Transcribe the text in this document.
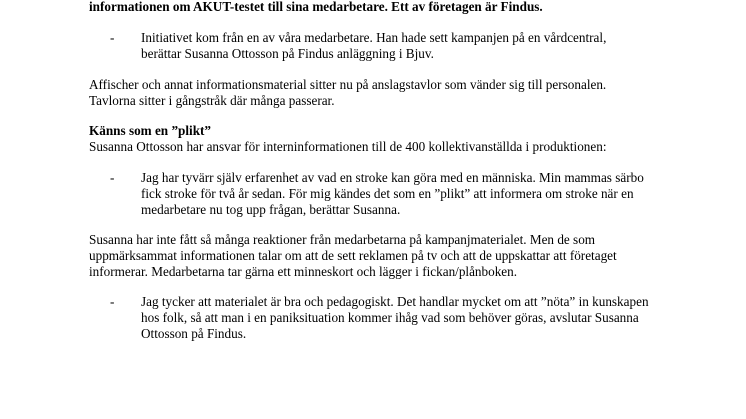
informationen om AKUT-testet till sina medarbetare. Ett av företagen är Findus.

- Initiativet kom från en av våra medarbetare. Han hade sett kampanjen på en vårdcentral, berättar Susanna Ottosson på Findus anläggning i Bjuv.

Affischer och annat informationsmaterial sitter nu på anslagstavlor som vänder sig till personalen. Tavlorna sitter i gångstråk där många passerar.

Känns som en ”plikt”

Susanna Ottosson har ansvar för interninformationen till de 400 kollektivanställda i produktionen:

- Jag har tyvärr själv erfarenhet av vad en stroke kan göra med en människa. Min mammas särbo fick stroke för två år sedan. För mig kändes det som en ”plikt” att informera om stroke när en medarbetare nu tog upp frågan, berättar Susanna.

Susanna har inte fått så många reaktioner från medarbetarna på kampanjmaterialet. Men de som uppmärksammat informationen talar om att de sett reklamen på tv och att de uppskattar att företaget informerar. Medarbetarna tar gärna ett minneskort och lägger i fickan/plånboken.

- Jag tycker att materialet är bra och pedagogiskt. Det handlar mycket om att ”nöta” in kunskapen hos folk, så att man i en paniksituation kommer ihåg vad som behöver göras, avslutar Susanna Ottosson på Findus.
